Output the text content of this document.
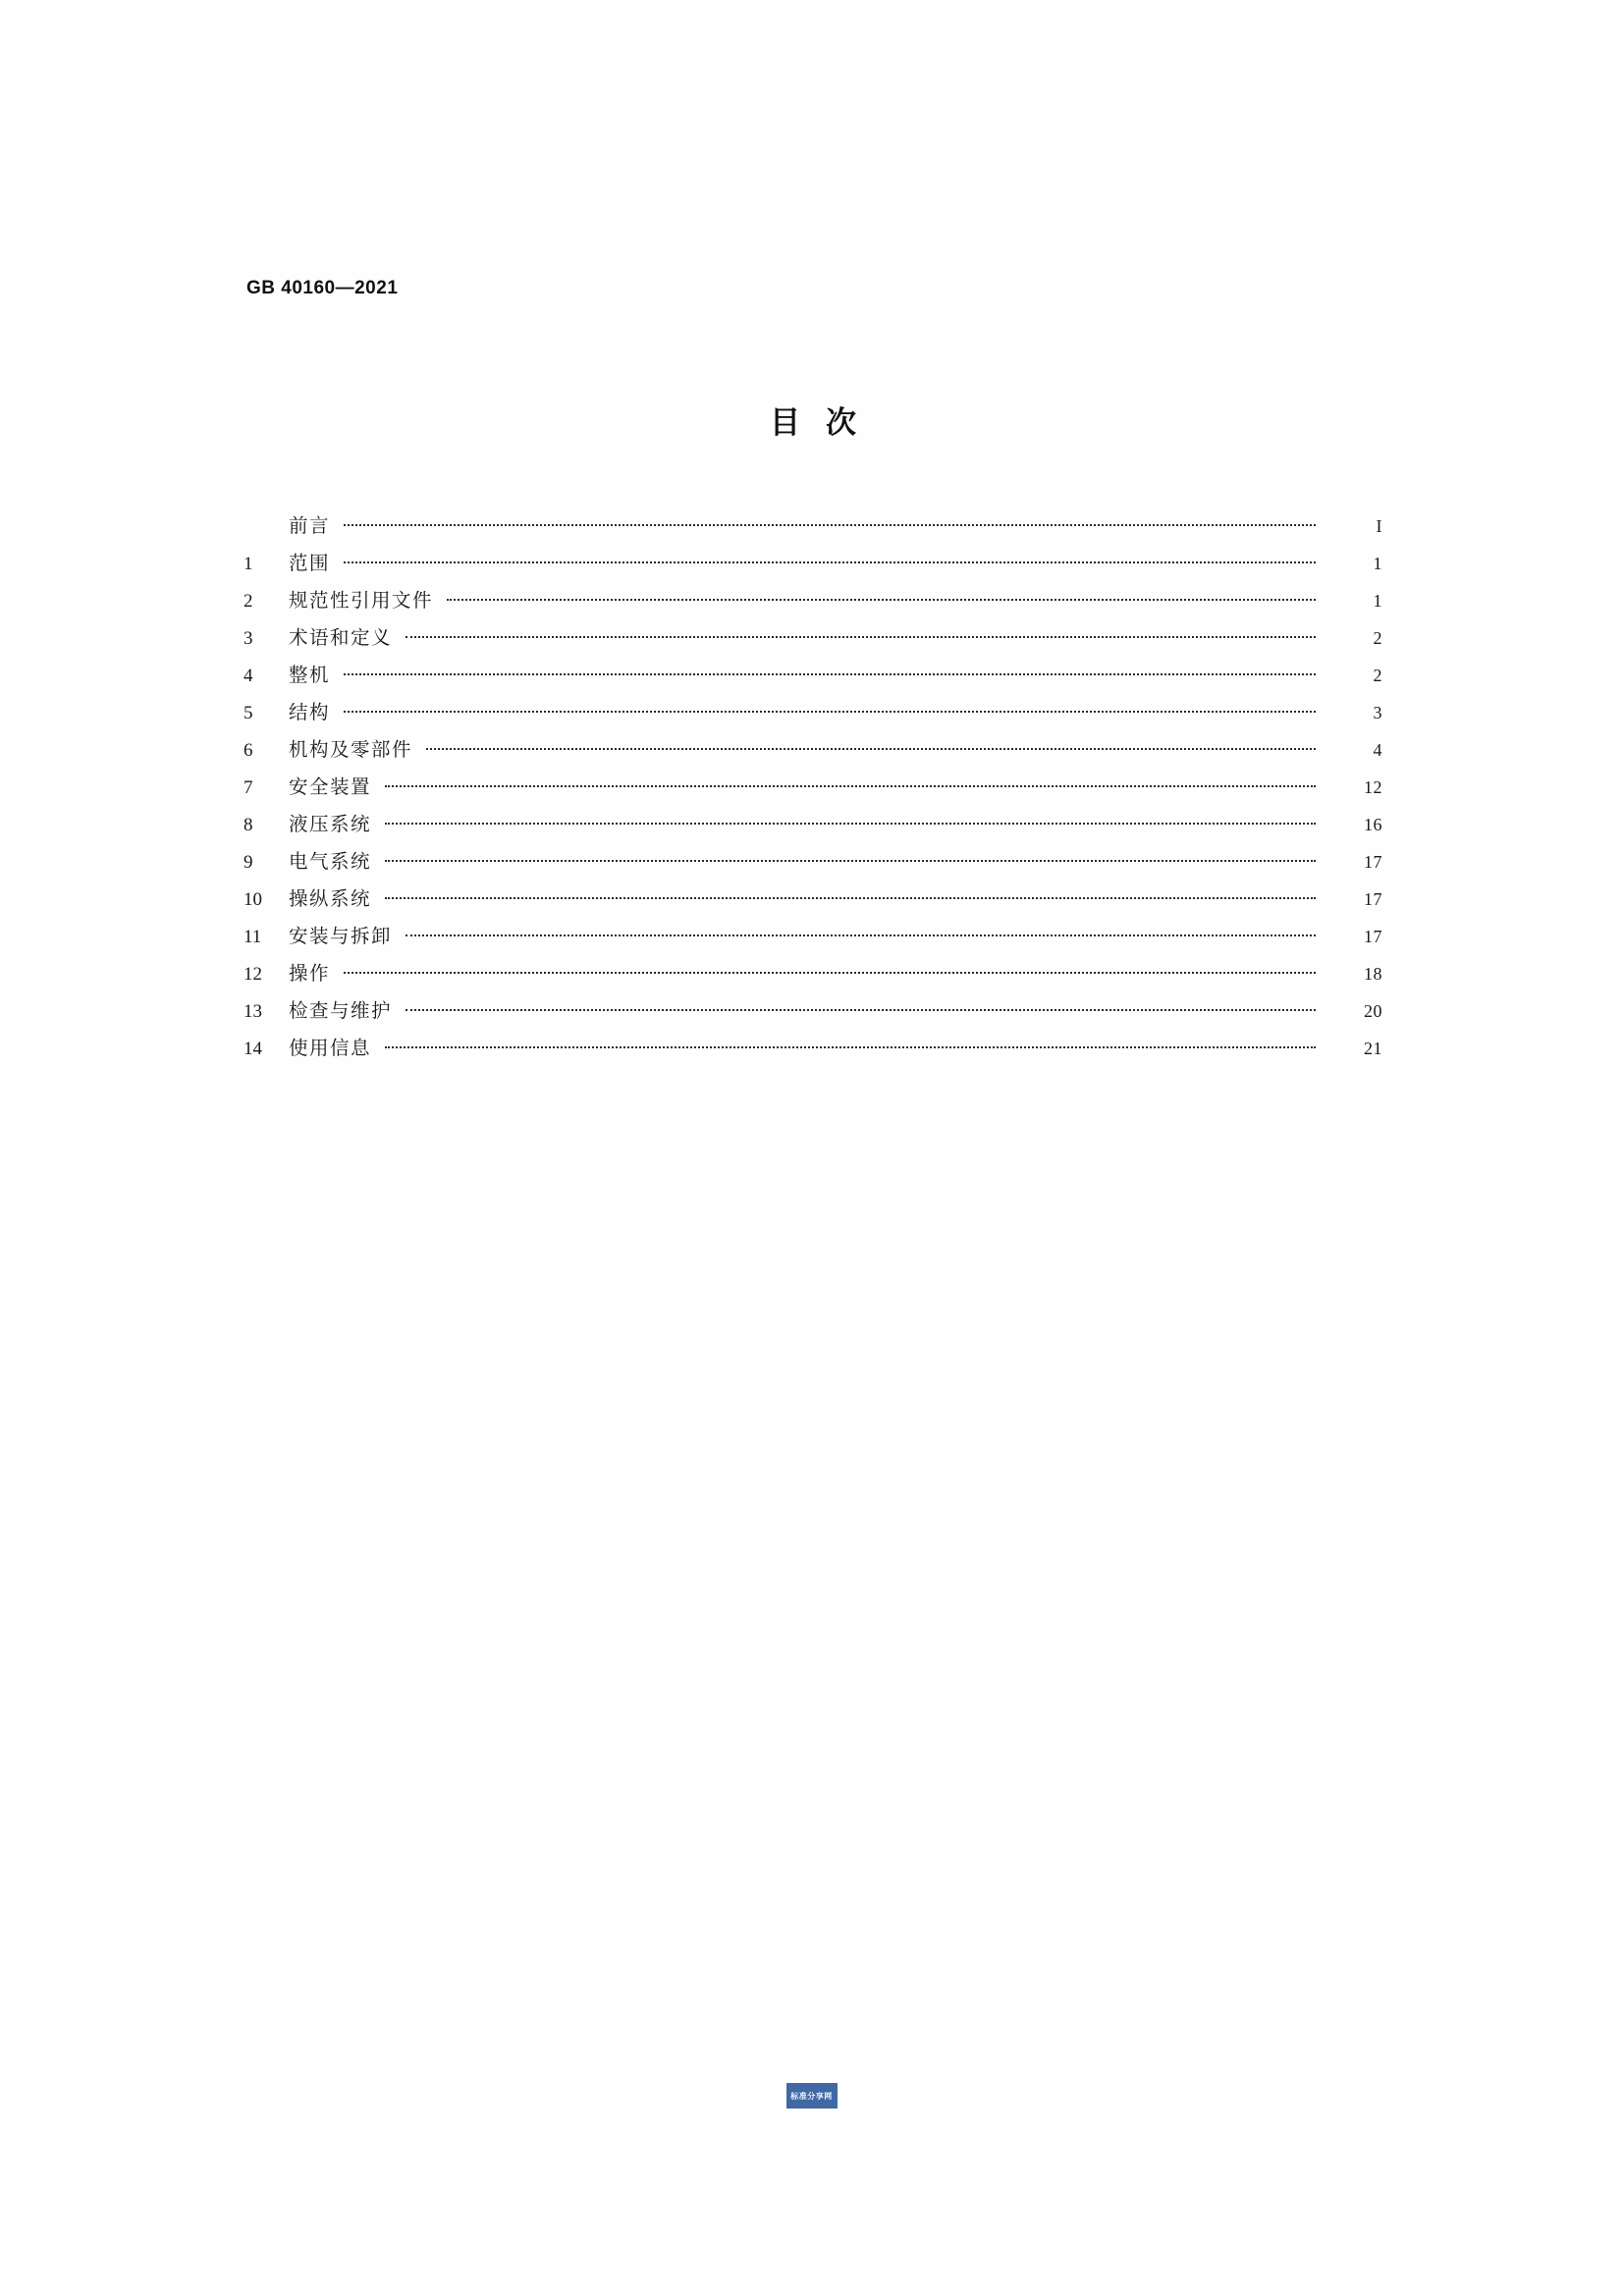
GB 40160—2021
目次
前言	I
1	范围	1
2	规范性引用文件	1
3	术语和定义	2
4	整机	2
5	结构	3
6	机构及零部件	4
7	安全装置	12
8	液压系统	16
9	电气系统	17
10	操纵系统	17
11	安装与拆卸	17
12	操作	18
13	检查与维护	20
14	使用信息	21
标准分享网
